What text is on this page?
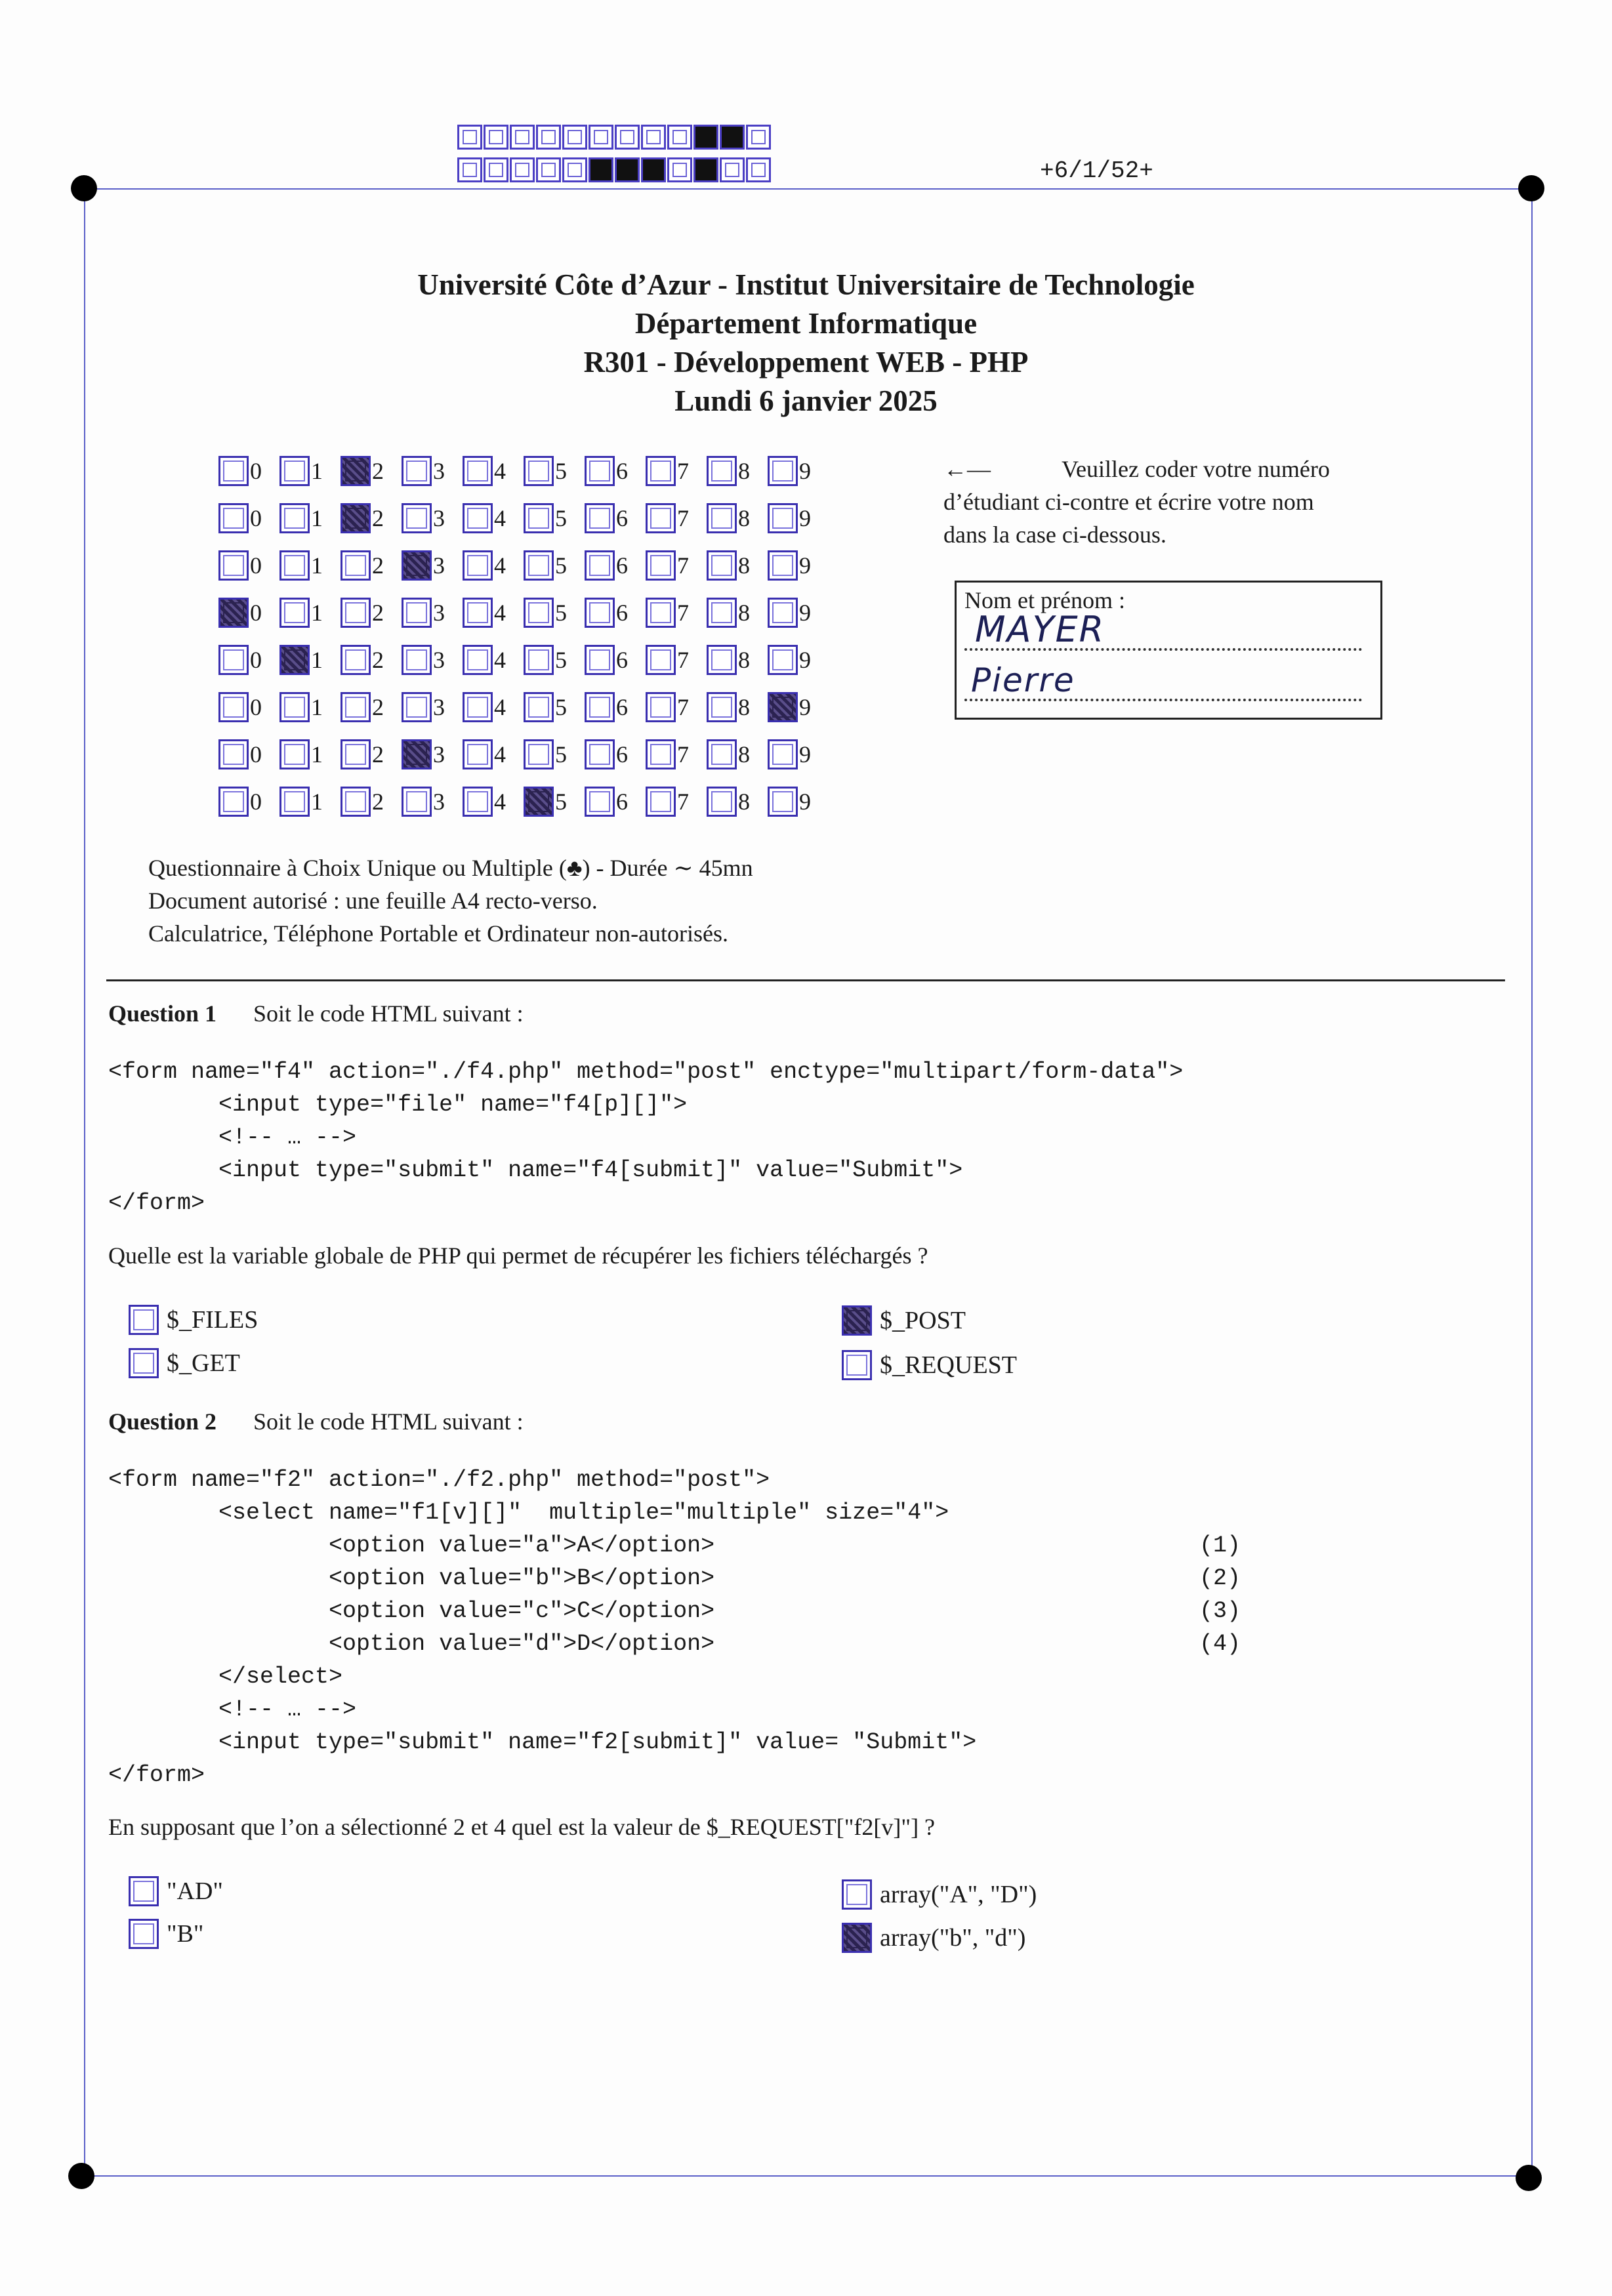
+6/1/52+
Université Côte d’Azur - Institut Universitaire de Technologie
Département Informatique
R301 - Développement WEB - PHP
Lundi 6 janvier 2025
0 1 2 3 4 5 6 7 8 9
0 1 2 3 4 5 6 7 8 9
0 1 2 3 4 5 6 7 8 9
0 1 2 3 4 5 6 7 8 9
0 1 2 3 4 5 6 7 8 9
0 1 2 3 4 5 6 7 8 9
0 1 2 3 4 5 6 7 8 9
0 1 2 3 4 5 6 7 8 9
←—	Veuillez coder votre numéro
d’étudiant ci-contre et écrire votre nom
dans la case ci-dessous.
Nom et prénom :
MAYER
Pierre
Questionnaire à Choix Unique ou Multiple (♣) - Durée ∼ 45mn
Document autorisé : une feuille A4 recto-verso.
Calculatrice, Téléphone Portable et Ordinateur non-autorisés.
Question 1 Soit le code HTML suivant :
<form name="f4" action="./f4.php" method="post" enctype="multipart/form-data">
<input type="file" name="f4[p][]">
<!-- … -->
<input type="submit" name="f4[submit]" value="Submit">
</form>
Quelle est la variable globale de PHP qui permet de récupérer les fichiers téléchargés ?
$_FILES
$_GET
$_POST
$_REQUEST
Question 2 Soit le code HTML suivant :
<form name="f2" action="./f2.php" method="post">
<select name="f1[v][]"  multiple="multiple" size="4">
<option value="a">A</option>
<option value="b">B</option>
<option value="c">C</option>
<option value="d">D</option>
</select>
<!-- … -->
<input type="submit" name="f2[submit]" value= "Submit">
</form>
(1)
(2)
(3)
(4)
En supposant que l’on a sélectionné 2 et 4 quel est la valeur de $_REQUEST["f2[v]"] ?
"AD"
"B"
array("A", "D")
array("b", "d")
